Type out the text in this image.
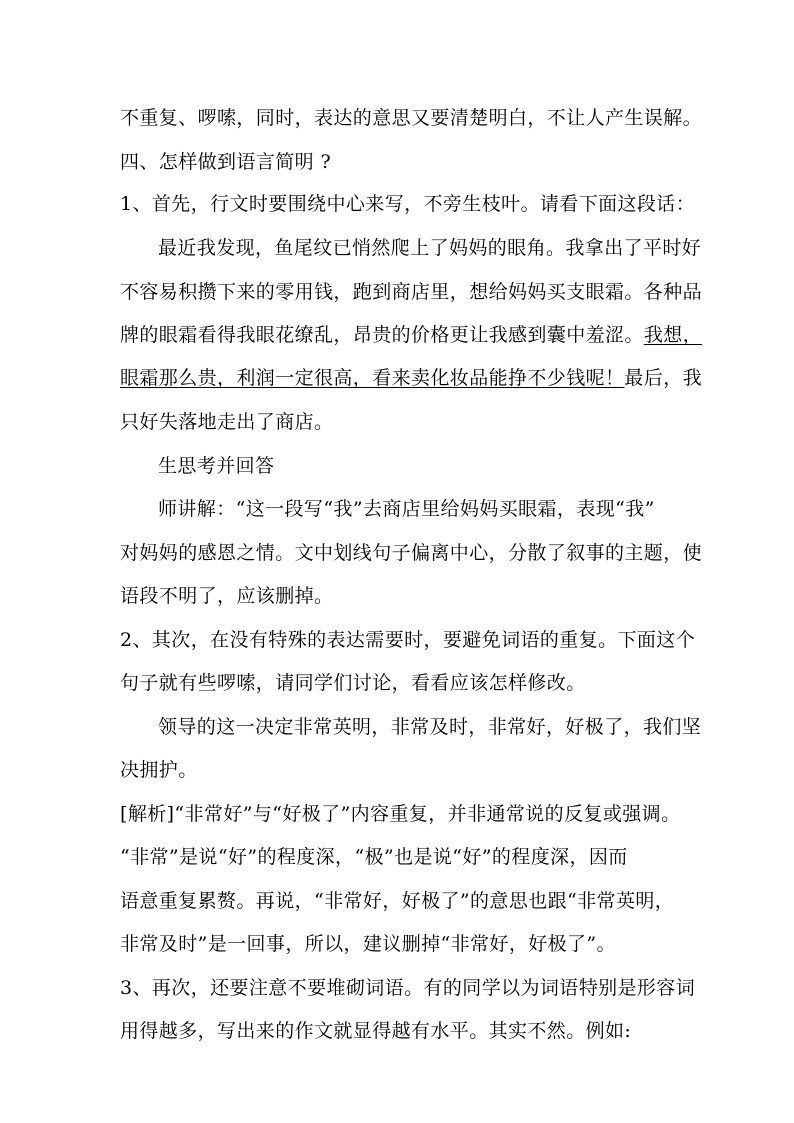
不重复、啰嗦，同时，表达的意思又要清楚明白，不让人产生误解。
四、怎样做到语言简明 ?
1、首先，行文时要围绕中心来写，不旁生枝叶。请看下面这段话：
最近我发现，鱼尾纹已悄然爬上了妈妈的眼角。我拿出了平时好
不容易积攒下来的零用钱，跑到商店里，想给妈妈买支眼霜。各种品
牌的眼霜看得我眼花缭乱，昂贵的价格更让我感到囊中羞涩。我想，
眼霜那么贵，利润一定很高，看来卖化妆品能挣不少钱呢！最后，我
只好失落地走出了商店。
生思考并回答
师讲解：“这一段写“我”去商店里给妈妈买眼霜，表现“我”
对妈妈的感恩之情。文中划线句子偏离中心，分散了叙事的主题，使
语段不明了，应该删掉。
2、其次，在没有特殊的表达需要时，要避免词语的重复。下面这个
句子就有些啰嗦，请同学们讨论，看看应该怎样修改。
领导的这一决定非常英明，非常及时，非常好，好极了，我们坚
决拥护。
[解析]“非常好”与“好极了”内容重复，并非通常说的反复或强调。
“非常”是说“好”的程度深，“极”也是说“好”的程度深，因而
语意重复累赘。再说，“非常好，好极了”的意思也跟“非常英明，
非常及时”是一回事，所以，建议删掉“非常好，好极了”。
3、再次，还要注意不要堆砌词语。有的同学以为词语特别是形容词
用得越多，写出来的作文就显得越有水平。其实不然。例如:
